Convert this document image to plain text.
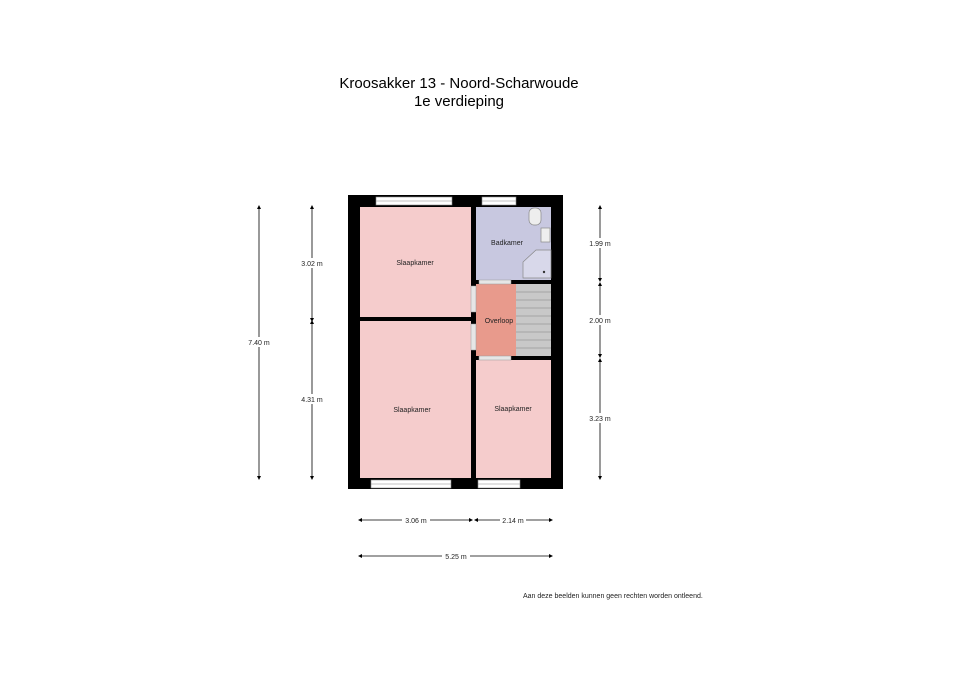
Kroosakker 13 - Noord-Scharwoude
1e verdieping
Slaapkamer
Slaapkamer
Badkamer
Overloop
Slaapkamer
7.40 m
3.02 m
4.31 m
1.99 m
2.00 m
3.23 m
3.06 m	2.14 m
5.25 m
Aan deze beelden kunnen geen rechten worden ontleend.
